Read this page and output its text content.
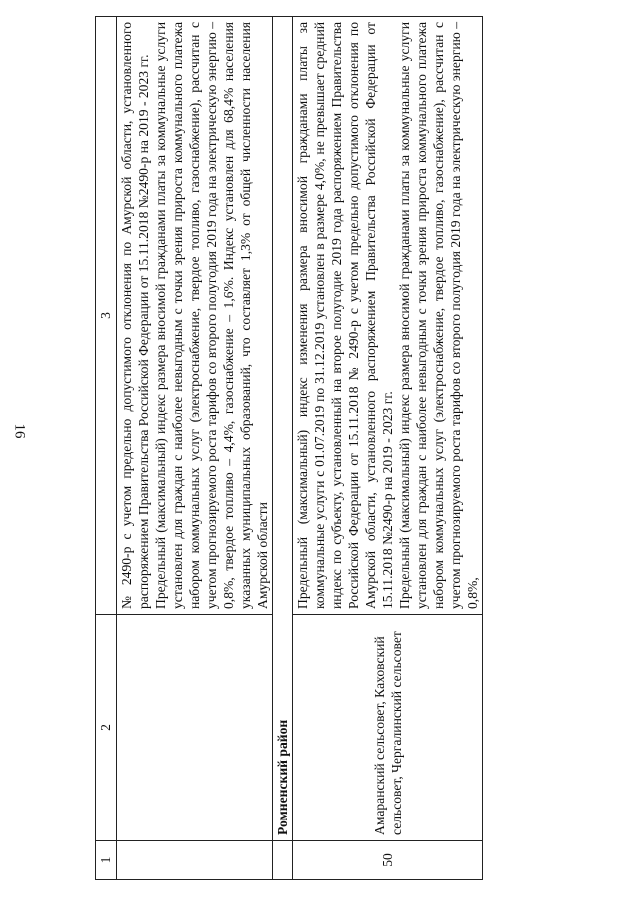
16
1	2	3

		№ 2490-р с учетом предельно допустимого отклонения по Амурской области, установленного распоряжением Правительства Российской Федерации от 15.11.2018 №2490-р на 2019 - 2023 гг. Предельный (максимальный) индекс размера вносимой гражданами платы за коммунальные услуги установлен для граждан с наиболее невыгодным с точки зрения прироста коммунального платежа набором коммунальных услуг (электроснабжение, твердое топливо, газоснабжение), рассчитан с учетом прогнозируемого роста тарифов со второго полугодия 2019 года на электрическую энергию – 0,8%, твердое топливо – 4,4%, газоснабжение – 1,6%. Индекс установлен для 68,4% населения указанных муниципальных образований, что составляет 1,3% от общей численности населения Амурской области

	Ромненский район	
50	Амаранский сельсовет, Каховский сельсовет, Чергалинский сельсовет	Предельный (максимальный) индекс изменения размера вносимой гражданами платы за коммунальные услуги с 01.07.2019 по 31.12.2019 установлен в размере 4,0%, не превышает средний индекс по субъекту, установленный на второе полугодие 2019 года распоряжением Правительства Российской Федерации от 15.11.2018 № 2490-р с учетом предельно допустимого отклонения по Амурской области, установленного распоряжением Правительства Российской Федерации от 15.11.2018 №2490-р на 2019 - 2023 гг. Предельный (максимальный) индекс размера вносимой гражданами платы за коммунальные услуги установлен для граждан с наиболее невыгодным с точки зрения прироста коммунального платежа набором коммунальных услуг (электроснабжение, твердое топливо, газоснабжение), рассчитан с учетом прогнозируемого роста тарифов со второго полугодия 2019 года на электрическую энергию – 0,8%,
